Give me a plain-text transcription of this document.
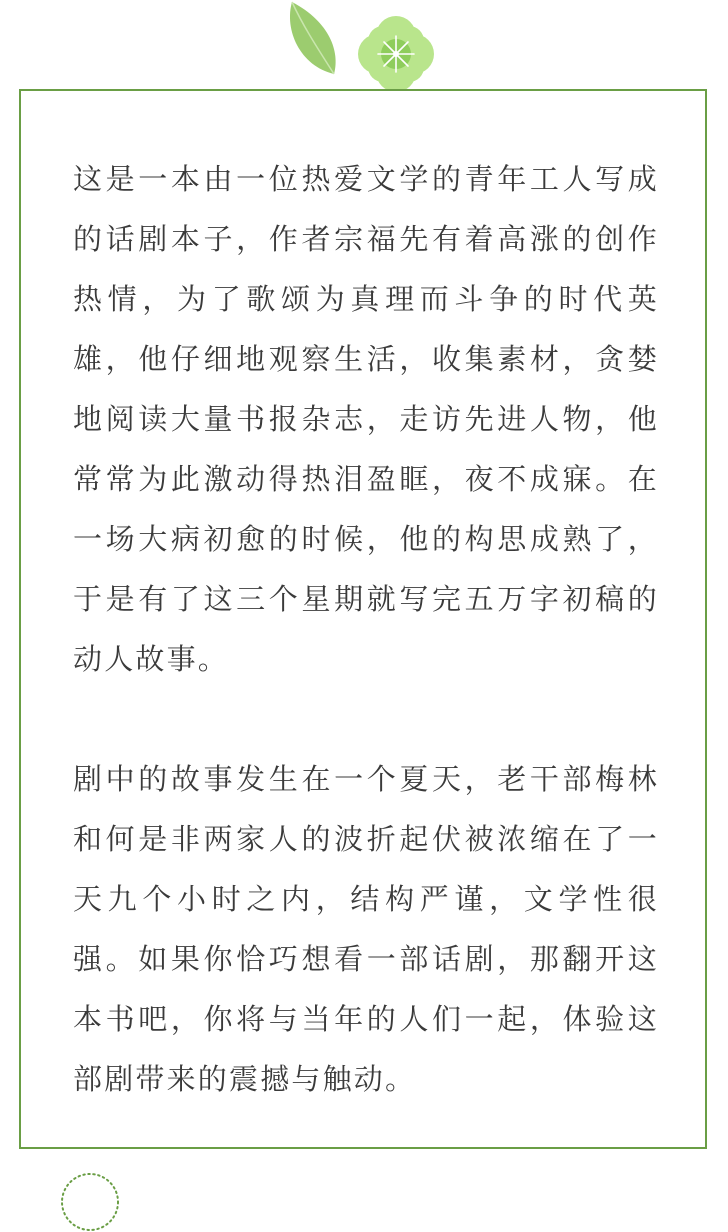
这是一本由一位热爱文学的青年工人写成的话剧本子，作者宗福先有着高涨的创作热情，为了歌颂为真理而斗争的时代英雄，他仔细地观察生活，收集素材，贪婪地阅读大量书报杂志，走访先进人物，他常常为此激动得热泪盈眶，夜不成寐。在一场大病初愈的时候，他的构思成熟了，于是有了这三个星期就写完五万字初稿的动人故事。

剧中的故事发生在一个夏天，老干部梅林和何是非两家人的波折起伏被浓缩在了一天九个小时之内，结构严谨，文学性很强。如果你恰巧想看一部话剧，那翻开这本书吧，你将与当年的人们一起，体验这部剧带来的震撼与触动。
